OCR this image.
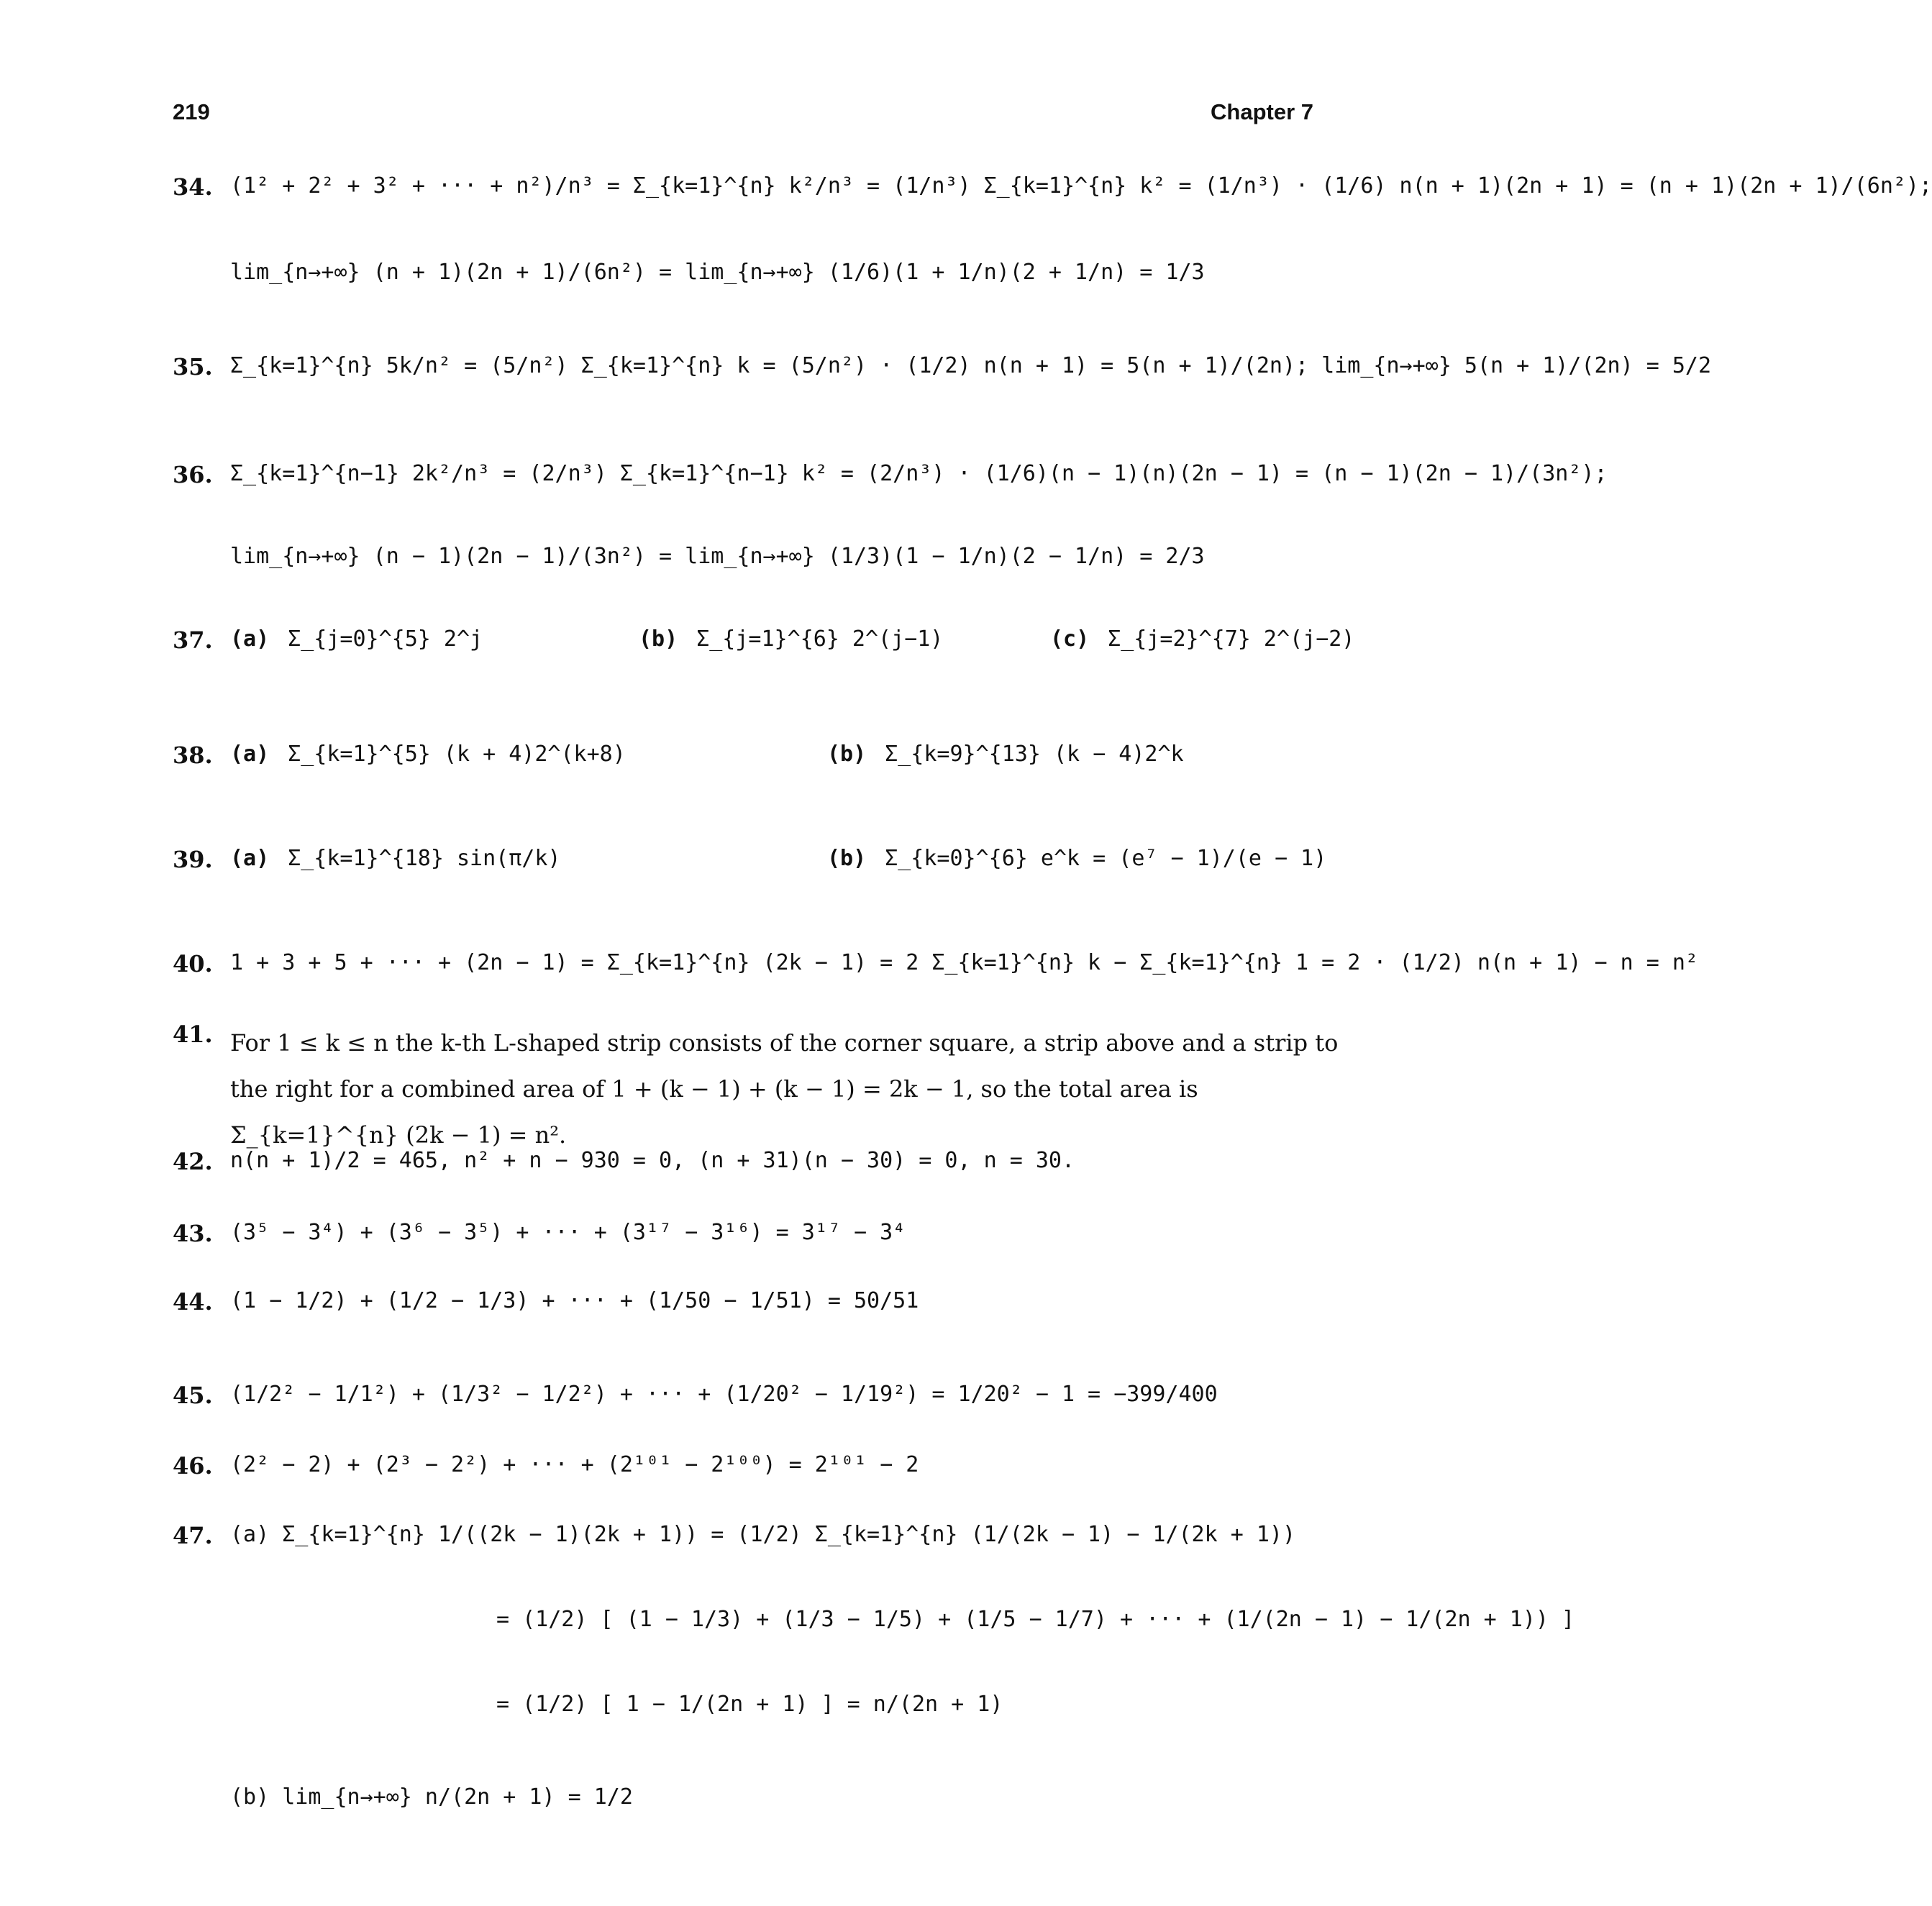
219	Chapter 7
34. (1² + 2² + 3² + ··· + n²)/n³ = Σ_{k=1}^{n} k²/n³ = (1/n³) Σ_{k=1}^{n} k² = (1/n³) · (1/6) n(n + 1)(2n + 1) = (n + 1)(2n + 1)/(6n²);
lim_{n→+∞} (n + 1)(2n + 1)/(6n²) = lim_{n→+∞} (1/6)(1 + 1/n)(2 + 1/n) = 1/3
35. Σ_{k=1}^{n} 5k/n² = (5/n²) Σ_{k=1}^{n} k = (5/n²) · (1/2) n(n + 1) = 5(n + 1)/(2n); lim_{n→+∞} 5(n + 1)/(2n) = 5/2
36. Σ_{k=1}^{n−1} 2k²/n³ = (2/n³) Σ_{k=1}^{n−1} k² = (2/n³) · (1/6)(n − 1)(n)(2n − 1) = (n − 1)(2n − 1)/(3n²);
lim_{n→+∞} (n − 1)(2n − 1)/(3n²) = lim_{n→+∞} (1/3)(1 − 1/n)(2 − 1/n) = 2/3
37. (a) Σ_{j=0}^{5} 2^j	(b) Σ_{j=1}^{6} 2^(j−1)	(c) Σ_{j=2}^{7} 2^(j−2)
38. (a) Σ_{k=1}^{5} (k + 4)2^(k+8)	(b) Σ_{k=9}^{13} (k − 4)2^k
39. (a) Σ_{k=1}^{18} sin(π/k)	(b) Σ_{k=0}^{6} e^k = (e⁷ − 1)/(e − 1)
40. 1 + 3 + 5 + ··· + (2n − 1) = Σ_{k=1}^{n} (2k − 1) = 2 Σ_{k=1}^{n} k − Σ_{k=1}^{n} 1 = 2 · (1/2) n(n + 1) − n = n²
41. For 1 ≤ k ≤ n the k-th L-shaped strip consists of the corner square, a strip above and a strip to the right for a combined area of 1 + (k − 1) + (k − 1) = 2k − 1, so the total area is Σ_{k=1}^{n} (2k − 1) = n².
42. n(n + 1)/2 = 465, n² + n − 930 = 0, (n + 31)(n − 30) = 0, n = 30.
43. (3⁵ − 3⁴) + (3⁶ − 3⁵) + ··· + (3¹⁷ − 3¹⁶) = 3¹⁷ − 3⁴
44. (1 − 1/2) + (1/2 − 1/3) + ··· + (1/50 − 1/51) = 50/51
45. (1/2² − 1/1²) + (1/3² − 1/2²) + ··· + (1/20² − 1/19²) = 1/20² − 1 = −399/400
46. (2² − 2) + (2³ − 2²) + ··· + (2¹⁰¹ − 2¹⁰⁰) = 2¹⁰¹ − 2
47. (a) Σ_{k=1}^{n} 1/((2k − 1)(2k + 1)) = (1/2) Σ_{k=1}^{n} (1/(2k − 1) − 1/(2k + 1))
= (1/2) [ (1 − 1/3) + (1/3 − 1/5) + (1/5 − 1/7) + ··· + (1/(2n − 1) − 1/(2n + 1)) ]
= (1/2) [ 1 − 1/(2n + 1) ] = n/(2n + 1)
(b) lim_{n→+∞} n/(2n + 1) = 1/2
